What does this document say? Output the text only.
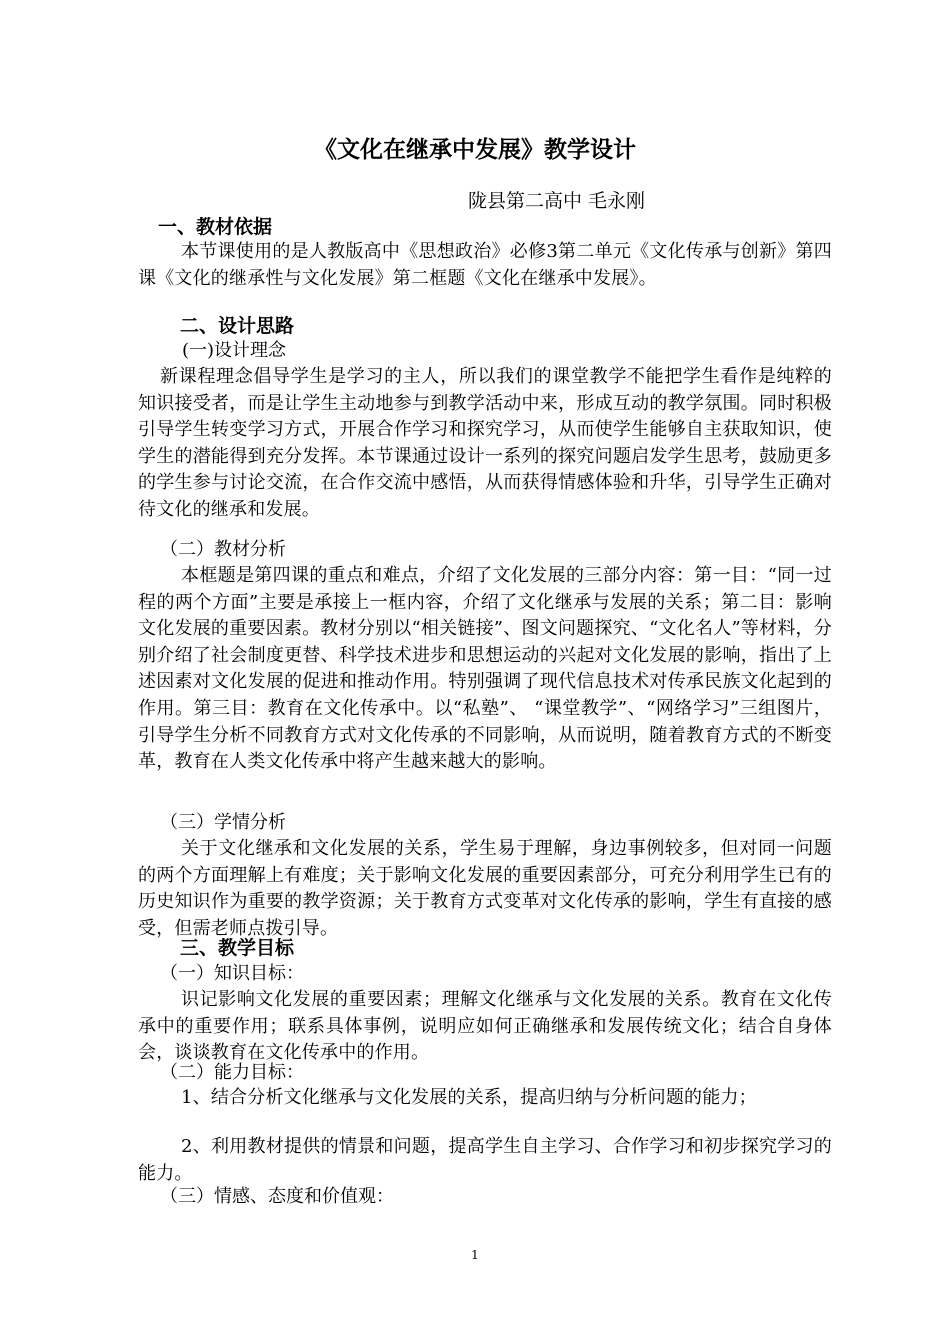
《文化在继承中发展》教学设计
陇县第二高中 毛永刚
一、教材依据
本节课使用的是人教版高中《思想政治》必修3第二单元《文化传承与创新》第四课《文化的继承性与文化发展》第二框题《文化在继承中发展》。
二、设计思路
(一)设计理念
新课程理念倡导学生是学习的主人，所以我们的课堂教学不能把学生看作是纯粹的知识接受者，而是让学生主动地参与到教学活动中来，形成互动的教学氛围。同时积极引导学生转变学习方式，开展合作学习和探究学习，从而使学生能够自主获取知识，使学生的潜能得到充分发挥。本节课通过设计一系列的探究问题启发学生思考，鼓励更多的学生参与讨论交流，在合作交流中感悟，从而获得情感体验和升华，引导学生正确对待文化的继承和发展。
（二）教材分析
本框题是第四课的重点和难点，介绍了文化发展的三部分内容：第一目：“同一过程的两个方面”主要是承接上一框内容，介绍了文化继承与发展的关系；第二目：影响文化发展的重要因素。教材分别以“相关链接”、图文问题探究、“文化名人”等材料，分别介绍了社会制度更替、科学技术进步和思想运动的兴起对文化发展的影响，指出了上述因素对文化发展的促进和推动作用。特别强调了现代信息技术对传承民族文化起到的作用。第三目：教育在文化传承中。以“私塾”、 “课堂教学”、“网络学习”三组图片，引导学生分析不同教育方式对文化传承的不同影响，从而说明，随着教育方式的不断变革，教育在人类文化传承中将产生越来越大的影响。
（三）学情分析
关于文化继承和文化发展的关系，学生易于理解，身边事例较多，但对同一问题的两个方面理解上有难度；关于影响文化发展的重要因素部分，可充分利用学生已有的历史知识作为重要的教学资源；关于教育方式变革对文化传承的影响，学生有直接的感受，但需老师点拨引导。
三、教学目标
（一）知识目标：
识记影响文化发展的重要因素；理解文化继承与文化发展的关系。教育在文化传承中的重要作用；联系具体事例，说明应如何正确继承和发展传统文化；结合自身体会，谈谈教育在文化传承中的作用。
（二）能力目标：
1、结合分析文化继承与文化发展的关系，提高归纳与分析问题的能力；
2、利用教材提供的情景和问题，提高学生自主学习、合作学习和初步探究学习的能力。
（三）情感、态度和价值观：
1
